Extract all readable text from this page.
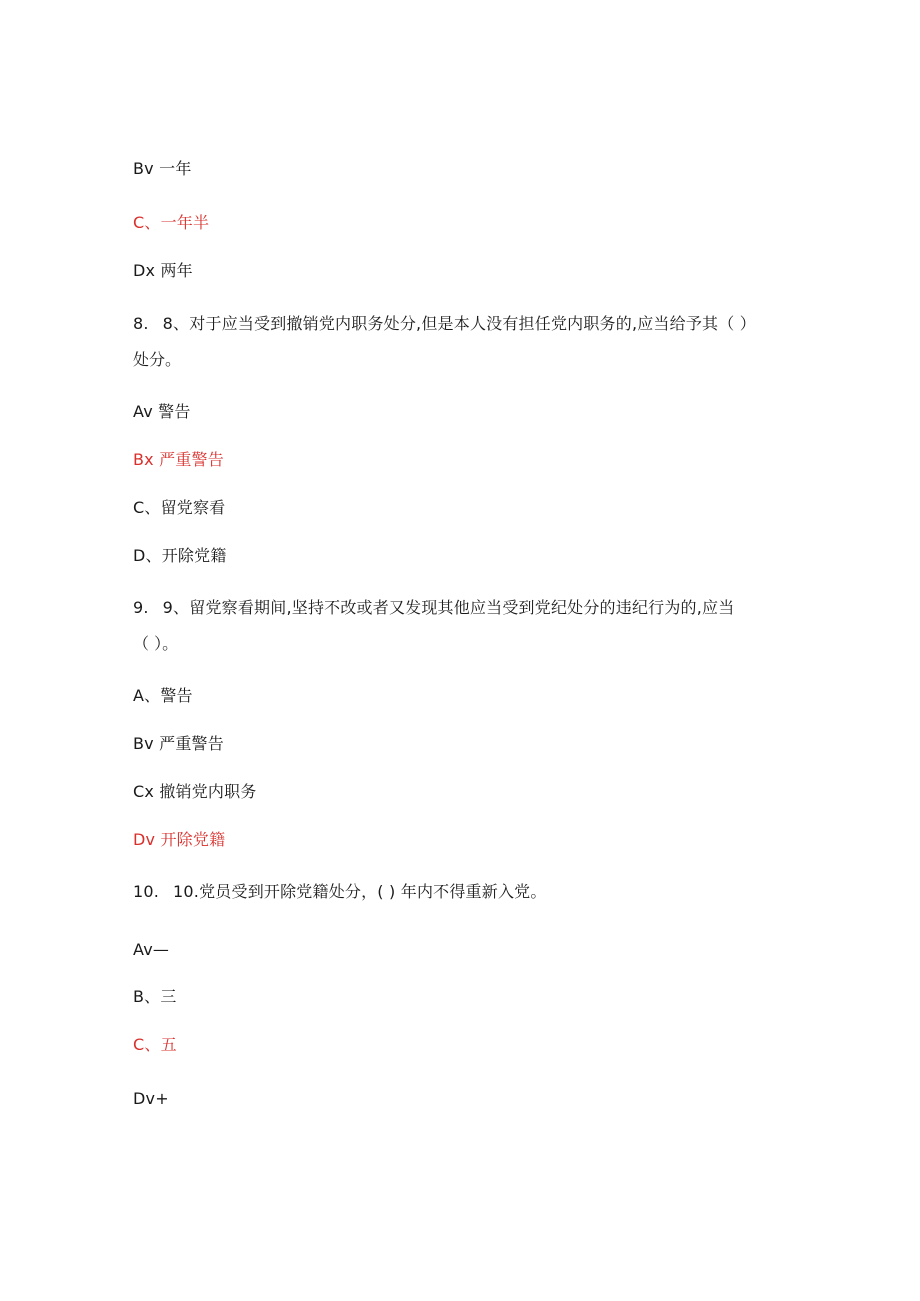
Bv 一年
C、一年半
Dx 两年
8. 8、对于应当受到撤销党内职务处分,但是本人没有担任党内职务的,应当给予其（ ）
处分。
Av 警告
Bx 严重警告
C、留党察看
D、开除党籍
9. 9、留党察看期间,坚持不改或者又发现其他应当受到党纪处分的违纪行为的,应当
（ ）。
A、警告
Bv 严重警告
Cx 撤销党内职务
Dv 开除党籍
10. 10.党员受到开除党籍处分，( ) 年内不得重新入党。
Av—
B、三
C、五
Dv+
